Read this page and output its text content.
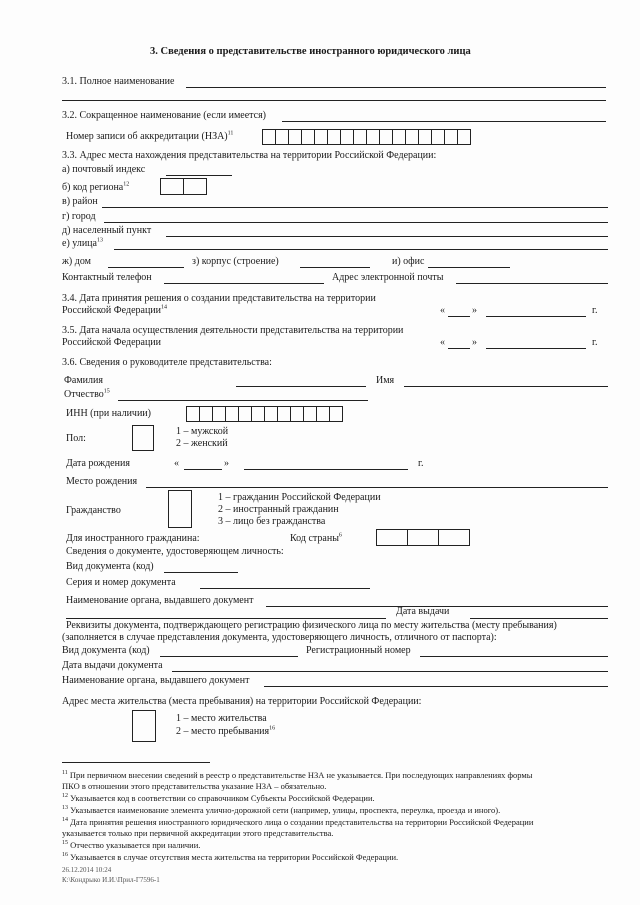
3. Сведения о представительстве иностранного юридического лица
3.1. Полное наименование
3.2. Сокращенное наименование (если имеется)
Номер записи об аккредитации (НЗА)$^{11}$
3.3. Адрес места нахождения представительства на территории Российской Федерации:
а) почтовый индекс
б) код региона$^{12}$
в) район
г) город
д) населенный пункт
е) улица$^{13}$
ж) дом	з) корпус (строение)	и) офис
Контактный телефон	Адрес электронной почты
3.4. Дата принятия решения о создании представительства на территории
Российской Федерации$^{14}$	«	»	г.
3.5. Дата начала осуществления деятельности представительства на территории
Российской Федерации	«	»	г.
3.6. Сведения о руководителе представительства:
Фамилия	Имя
Отчество$^{15}$
ИНН (при наличии)
Пол:
1 – мужской
2 – женский
Дата рождения	«	»	г.
Место рождения
Гражданство
1 – гражданин Российской Федерации
2 – иностранный гражданин
3 – лицо без гражданства
Для иностранного гражданина:	Код страны$^6$
Сведения о документе, удостоверяющем личность:
Вид документа (код)
Серия и номер документа
Наименование органа, выдавшего документ
Дата выдачи
Реквизиты документа, подтверждающего регистрацию физического лица по месту жительства (месту пребывания)
(заполняется в случае представления документа, удостоверяющего личность, отличного от паспорта):
Вид документа (код)	Регистрационный номер
Дата выдачи документа
Наименование органа, выдавшего документ
Адрес места жительства (места пребывания) на территории Российской Федерации:
1 – место жительства
2 – место пребывания$^{16}$
$^{11}$ При первичном внесении сведений в реестр о представительстве НЗА не указывается. При последующих направлениях формы
ПКО в отношении этого представительства указание НЗА – обязательно.
$^{12}$ Указывается код в соответствии со справочником Субъекты Российской Федерации.
$^{13}$ Указывается наименование элемента улично-дорожной сети (например, улицы, проспекта, переулка, проезда и иного).
$^{14}$ Дата принятия решения иностранного юридического лица о создании представительства на территории Российской Федерации
указывается только при первичной аккредитации этого представительства.
$^{15}$ Отчество указывается при наличии.
$^{16}$ Указывается в случае отсутствия места жительства на территории Российской Федерации.
26.12.2014 10:24
К:\Кондрыко И.И.\Прил-Г7596-1
